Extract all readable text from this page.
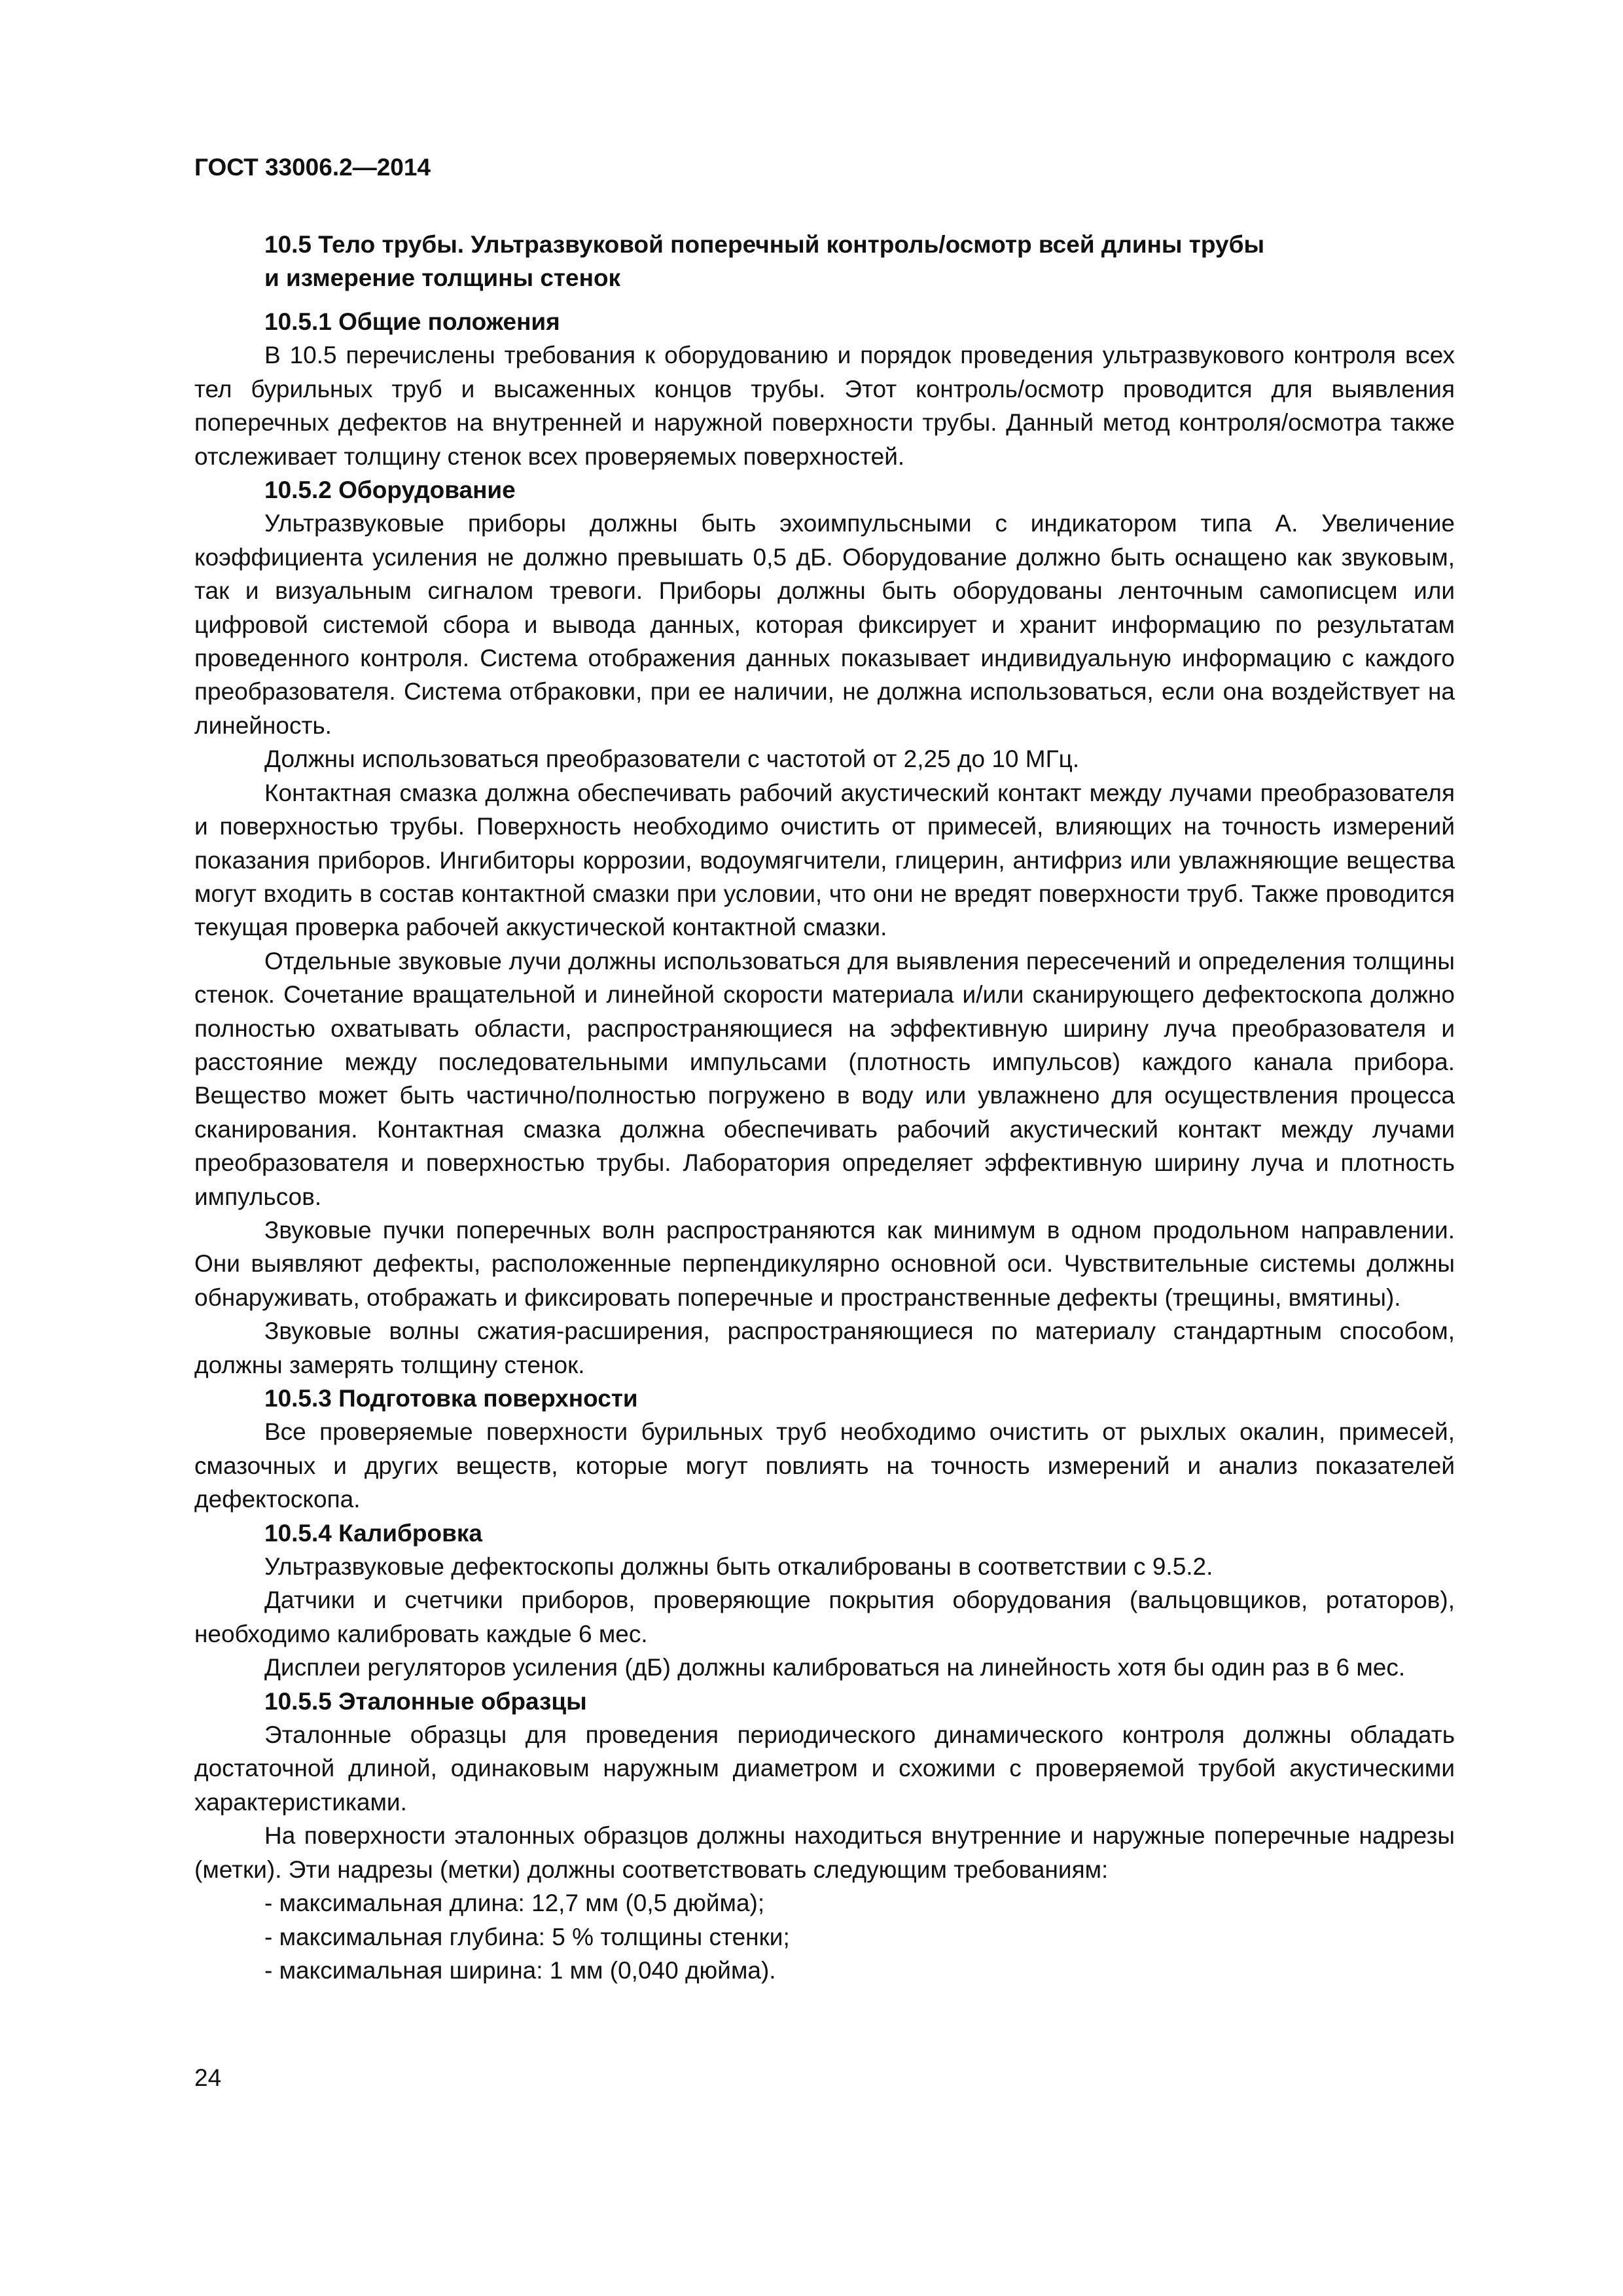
ГОСТ 33006.2—2014
10.5 Тело трубы. Ультразвуковой поперечный контроль/осмотр всей длины трубы
и измерение толщины стенок

10.5.1 Общие положения

В 10.5 перечислены требования к оборудованию и порядок проведения ультразвукового контроля всех тел бурильных труб и высаженных концов трубы. Этот контроль/осмотр проводится для выявления поперечных дефектов на внутренней и наружной поверхности трубы. Данный метод контроля/осмотра также отслеживает толщину стенок всех проверяемых поверхностей.

10.5.2 Оборудование

Ультразвуковые приборы должны быть эхоимпульсными с индикатором типа А. Увеличение коэффициента усиления не должно превышать 0,5 дБ. Оборудование должно быть оснащено как звуковым, так и визуальным сигналом тревоги. Приборы должны быть оборудованы ленточным самописцем или цифровой системой сбора и вывода данных, которая фиксирует и хранит информацию по результатам проведенного контроля. Система отображения данных показывает индивидуальную информацию с каждого преобразователя. Система отбраковки, при ее наличии, не должна использоваться, если она воздействует на линейность.

Должны использоваться преобразователи с частотой от 2,25 до 10 МГц.

Контактная смазка должна обеспечивать рабочий акустический контакт между лучами преобразователя и поверхностью трубы. Поверхность необходимо очистить от примесей, влияющих на точность измерений показания приборов. Ингибиторы коррозии, водоумягчители, глицерин, антифриз или увлажняющие вещества могут входить в состав контактной смазки при условии, что они не вредят поверхности труб. Также проводится текущая проверка рабочей аккустической контактной смазки.

Отдельные звуковые лучи должны использоваться для выявления пересечений и определения толщины стенок. Сочетание вращательной и линейной скорости материала и/или сканирующего дефектоскопа должно полностью охватывать области, распространяющиеся на эффективную ширину луча преобразователя и расстояние между последовательными импульсами (плотность импульсов) каждого канала прибора. Вещество может быть частично/полностью погружено в воду или увлажнено для осуществления процесса сканирования. Контактная смазка должна обеспечивать рабочий акустический контакт между лучами преобразователя и поверхностью трубы. Лаборатория определяет эффективную ширину луча и плотность импульсов.

Звуковые пучки поперечных волн распространяются как минимум в одном продольном направлении. Они выявляют дефекты, расположенные перпендикулярно основной оси. Чувствительные системы должны обнаруживать, отображать и фиксировать поперечные и пространственные дефекты (трещины, вмятины).

Звуковые волны сжатия-расширения, распространяющиеся по материалу стандартным способом, должны замерять толщину стенок.

10.5.3 Подготовка поверхности

Все проверяемые поверхности бурильных труб необходимо очистить от рыхлых окалин, примесей, смазочных и других веществ, которые могут повлиять на точность измерений и анализ показателей дефектоскопа.

10.5.4 Калибровка

Ультразвуковые дефектоскопы должны быть откалиброваны в соответствии с 9.5.2.

Датчики и счетчики приборов, проверяющие покрытия оборудования (вальцовщиков, ротаторов), необходимо калибровать каждые 6 мес.

Дисплеи регуляторов усиления (дБ) должны калиброваться на линейность хотя бы один раз в 6 мес.

10.5.5 Эталонные образцы

Эталонные образцы для проведения периодического динамического контроля должны обладать достаточной длиной, одинаковым наружным диаметром и схожими с проверяемой трубой акустическими характеристиками.

На поверхности эталонных образцов должны находиться внутренние и наружные поперечные надрезы (метки). Эти надрезы (метки) должны соответствовать следующим требованиям:

- максимальная длина: 12,7 мм (0,5 дюйма);

- максимальная глубина: 5 % толщины стенки;

- максимальная ширина: 1 мм (0,040 дюйма).

24
